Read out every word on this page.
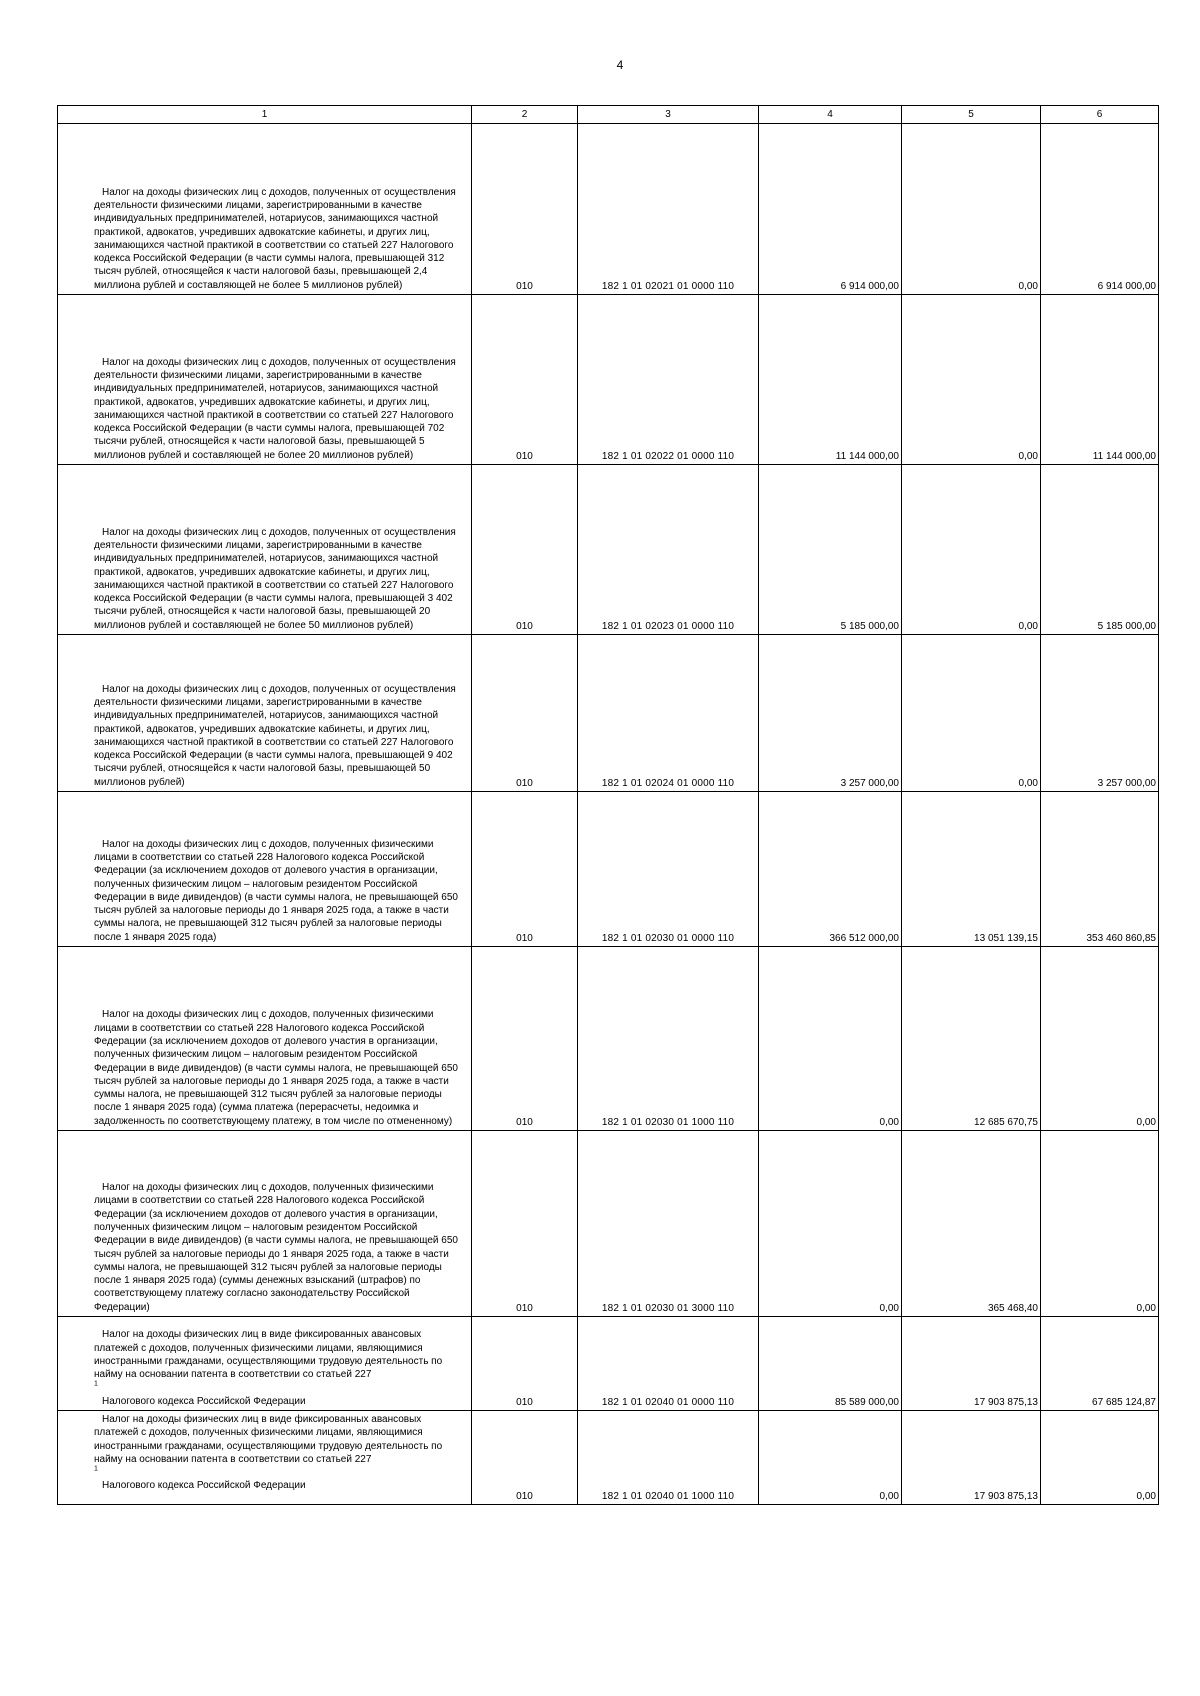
4
1	2	3	4	5	6

Налог на доходы физических лиц с доходов, полученных от осуществления деятельности физическими лицами, зарегистрированными в качестве индивидуальных предпринимателей, нотариусов, занимающихся частной практикой, адвокатов, учредивших адвокатские кабинеты, и других лиц, занимающихся частной практикой в соответствии со статьей 227 Налогового кодекса Российской Федерации (в части суммы налога, превышающей 312 тысяч рублей, относящейся к части налоговой базы, превышающей 2,4 миллиона рублей и составляющей не более 5 миллионов рублей)	010	182 1 01 02021 01 0000 110	6 914 000,00	0,00	6 914 000,00

Налог на доходы физических лиц с доходов, полученных от осуществления деятельности физическими лицами, зарегистрированными в качестве индивидуальных предпринимателей, нотариусов, занимающихся частной практикой, адвокатов, учредивших адвокатские кабинеты, и других лиц, занимающихся частной практикой в соответствии со статьей 227 Налогового кодекса Российской Федерации (в части суммы налога, превышающей 702 тысячи рублей, относящейся к части налоговой базы, превышающей 5 миллионов рублей и составляющей не более 20 миллионов рублей)	010	182 1 01 02022 01 0000 110	11 144 000,00	0,00	11 144 000,00

Налог на доходы физических лиц с доходов, полученных от осуществления деятельности физическими лицами, зарегистрированными в качестве индивидуальных предпринимателей, нотариусов, занимающихся частной практикой, адвокатов, учредивших адвокатские кабинеты, и других лиц, занимающихся частной практикой в соответствии со статьей 227 Налогового кодекса Российской Федерации (в части суммы налога, превышающей 3 402 тысячи рублей, относящейся к части налоговой базы, превышающей 20 миллионов рублей и составляющей не более 50 миллионов рублей)	010	182 1 01 02023 01 0000 110	5 185 000,00	0,00	5 185 000,00

Налог на доходы физических лиц с доходов, полученных от осуществления деятельности физическими лицами, зарегистрированными в качестве индивидуальных предпринимателей, нотариусов, занимающихся частной практикой, адвокатов, учредивших адвокатские кабинеты, и других лиц, занимающихся частной практикой в соответствии со статьей 227 Налогового кодекса Российской Федерации (в части суммы налога, превышающей 9 402 тысячи рублей, относящейся к части налоговой базы, превышающей 50 миллионов рублей)	010	182 1 01 02024 01 0000 110	3 257 000,00	0,00	3 257 000,00

Налог на доходы физических лиц с доходов, полученных физическими лицами в соответствии со статьей 228 Налогового кодекса Российской Федерации (за исключением доходов от долевого участия в организации, полученных физическим лицом – налоговым резидентом Российской Федерации в виде дивидендов) (в части суммы налога, не превышающей 650 тысяч рублей за налоговые периоды до 1 января 2025 года, а также в части суммы налога, не превышающей 312 тысяч рублей за налоговые периоды после 1 января 2025 года)	010	182 1 01 02030 01 0000 110	366 512 000,00	13 051 139,15	353 460 860,85

Налог на доходы физических лиц с доходов, полученных физическими лицами в соответствии со статьей 228 Налогового кодекса Российской Федерации (за исключением доходов от долевого участия в организации, полученных физическим лицом – налоговым резидентом Российской Федерации в виде дивидендов) (в части суммы налога, не превышающей 650 тысяч рублей за налоговые периоды до 1 января 2025 года, а также в части суммы налога, не превышающей 312 тысяч рублей за налоговые периоды после 1 января 2025 года) (сумма платежа (перерасчеты, недоимка и задолженность по соответствующему платежу, в том числе по отмененному)	010	182 1 01 02030 01 1000 110	0,00	12 685 670,75	0,00

Налог на доходы физических лиц с доходов, полученных физическими лицами в соответствии со статьей 228 Налогового кодекса Российской Федерации (за исключением доходов от долевого участия в организации, полученных физическим лицом – налоговым резидентом Российской Федерации в виде дивидендов) (в части суммы налога, не превышающей 650 тысяч рублей за налоговые периоды до 1 января 2025 года, а также в части суммы налога, не превышающей 312 тысяч рублей за налоговые периоды после 1 января 2025 года) (суммы денежных взысканий (штрафов) по соответствующему платежу согласно законодательству Российской Федерации)	010	182 1 01 02030 01 3000 110	0,00	365 468,40	0,00

Налог на доходы физических лиц в виде фиксированных авансовых платежей с доходов, полученных физическими лицами, являющимися иностранными гражданами, осуществляющими трудовую деятельность по найму на основании патента в соответствии со статьей 227
$^1$
Налогового кодекса Российской Федерации	010	182 1 01 02040 01 0000 110	85 589 000,00	17 903 875,13	67 685 124,87

Налог на доходы физических лиц в виде фиксированных авансовых платежей с доходов, полученных физическими лицами, являющимися иностранными гражданами, осуществляющими трудовую деятельность по найму на основании патента в соответствии со статьей 227
$^1$
Налогового кодекса Российской Федерации	010	182 1 01 02040 01 1000 110	0,00	17 903 875,13	0,00
